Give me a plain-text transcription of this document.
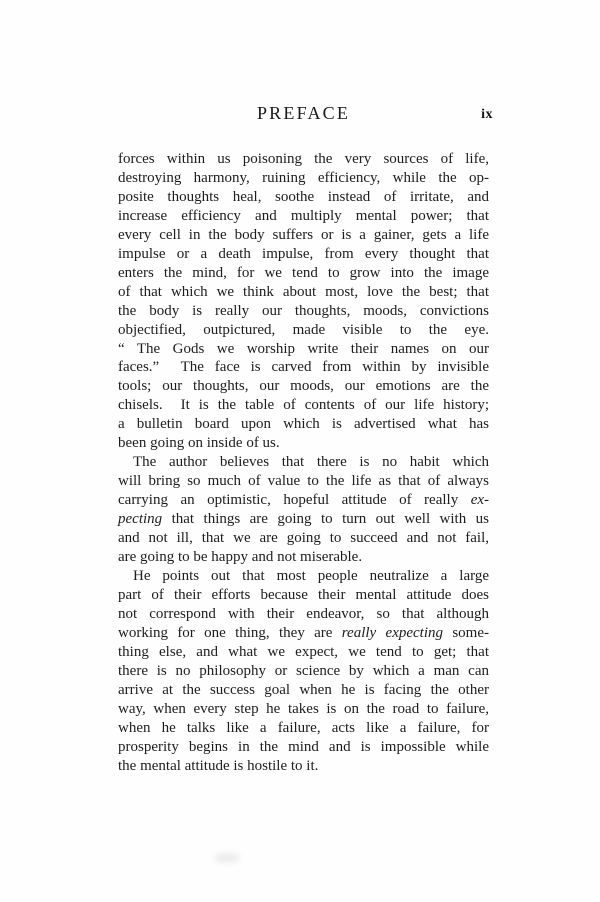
PREFACE	ix
forces within us poisoning the very sources of life,
destroying harmony, ruining efficiency, while the op-
posite thoughts heal, soothe instead of irritate, and
increase efficiency and multiply mental power; that
every cell in the body suffers or is a gainer, gets a life
impulse or a death impulse, from every thought that
enters the mind, for we tend to grow into the image
of that which we think about most, love the best; that
the body is really our thoughts, moods, convictions
objectified, outpictured, made visible to the eye.
“ The Gods we worship write their names on our
faces.”  The face is carved from within by invisible
tools; our thoughts, our moods, our emotions are the
chisels.  It is the table of contents of our life history;
a bulletin board upon which is advertised what has
been going on inside of us.
The author believes that there is no habit which
will bring so much of value to the life as that of always
carrying an optimistic, hopeful attitude of really ex-
pecting that things are going to turn out well with us
and not ill, that we are going to succeed and not fail,
are going to be happy and not miserable.
He points out that most people neutralize a large
part of their efforts because their mental attitude does
not correspond with their endeavor, so that although
working for one thing, they are really expecting some-
thing else, and what we expect, we tend to get; that
there is no philosophy or science by which a man can
arrive at the success goal when he is facing the other
way, when every step he takes is on the road to failure,
when he talks like a failure, acts like a failure, for
prosperity begins in the mind and is impossible while
the mental attitude is hostile to it.
